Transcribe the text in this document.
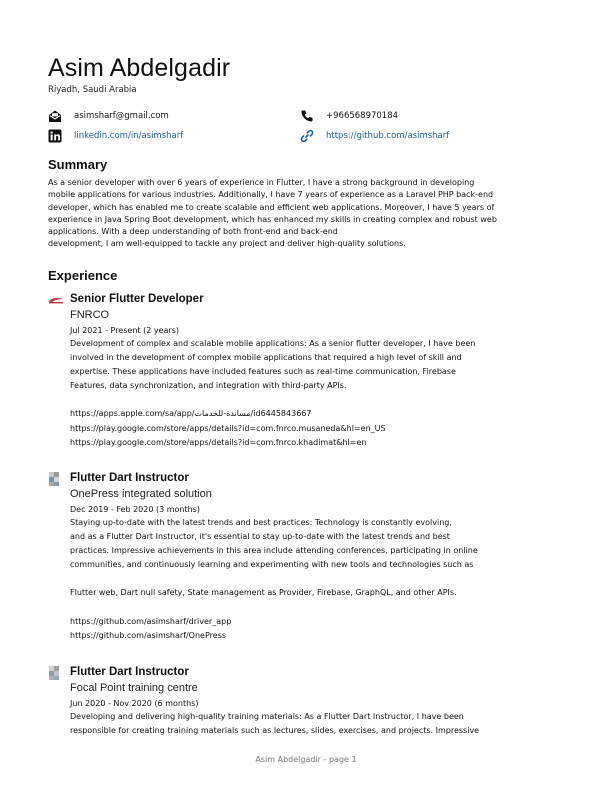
Asim Abdelgadir
Riyadh, Saudi Arabia
asimsharf@gmail.com	+966568970184
linkedin.com/in/asimsharf	https://github.com/asimsharf
Summary
As a senior developer with over 6 years of experience in Flutter, I have a strong background in developing
mobile applications for various industries. Additionally, I have 7 years of experience as a Laravel PHP back-end
developer, which has enabled me to create scalable and efficient web applications. Moreover, I have 5 years of
experience in Java Spring Boot development, which has enhanced my skills in creating complex and robust web
applications. With a deep understanding of both front-end and back-end
development, I am well-equipped to tackle any project and deliver high-quality solutions.
Experience
Senior Flutter Developer
FNRCO
Jul 2021 - Present (2 years)
Development of complex and scalable mobile applications: As a senior flutter developer, I have been
involved in the development of complex mobile applications that required a high level of skill and
expertise. These applications have included features such as real-time communication, Firebase
Features, data synchronization, and integration with third-party APIs.
https://apps.apple.com/sa/app/مساندة-للخدمات/id6445843667
https://play.google.com/store/apps/details?id=com.fnrco.musaneda&hl=en_US
https://play.google.com/store/apps/details?id=com.fnrco.khadimat&hl=en
Flutter Dart Instructor
OnePress integrated solution
Dec 2019 - Feb 2020 (3 months)
Staying up-to-date with the latest trends and best practices: Technology is constantly evolving,
and as a Flutter Dart Instructor, it's essential to stay up-to-date with the latest trends and best
practices. Impressive achievements in this area include attending conferences, participating in online
communities, and continuously learning and experimenting with new tools and technologies such as
Flutter web, Dart null safety, State management as Provider, Firebase, GraphQL, and other APIs.
https://github.com/asimsharf/driver_app
https://github.com/asimsharf/OnePress
Flutter Dart Instructor
Focal Point training centre
Jun 2020 - Nov 2020 (6 months)
Developing and delivering high-quality training materials: As a Flutter Dart Instructor, I have been
responsible for creating training materials such as lectures, slides, exercises, and projects. Impressive
Asim Abdelgadir - page 1
